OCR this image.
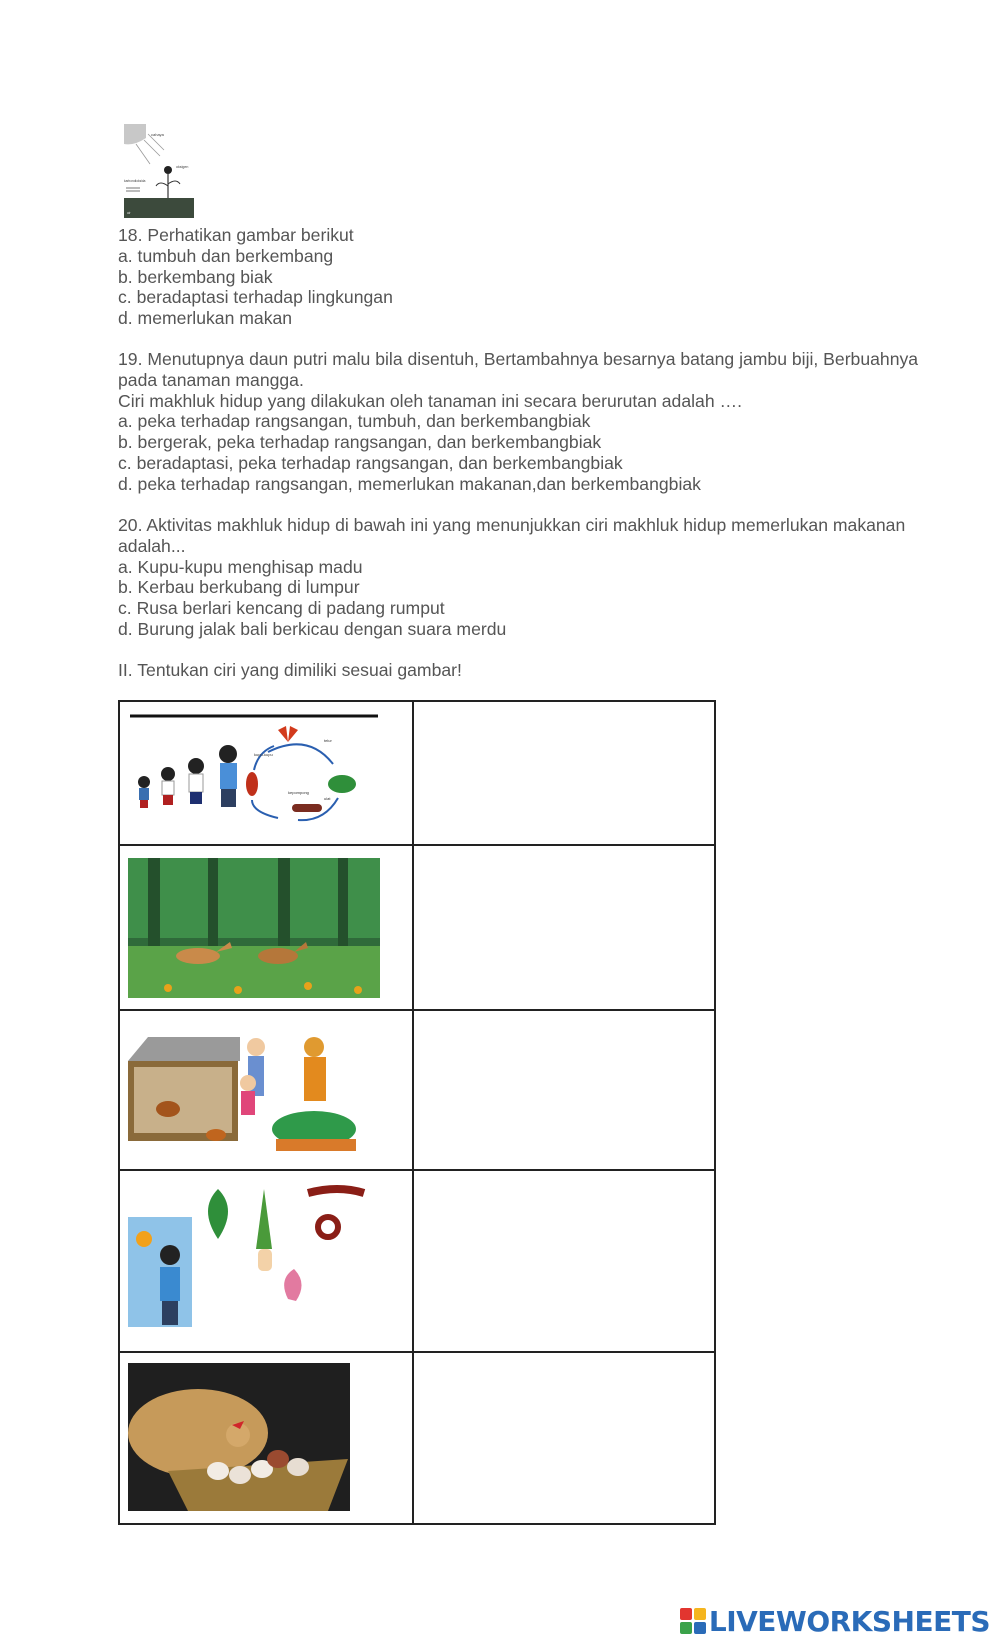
cahaya
oksigen
karbondioksida
air

18. Perhatikan gambar berikut

a. tumbuh dan berkembang

b. berkembang biak

c. beradaptasi terhadap lingkungan

d. memerlukan makan

19. Menutupnya daun putri malu bila disentuh, Bertambahnya besarnya batang jambu biji, Berbuahnya

pada tanaman mangga.

Ciri makhluk hidup yang dilakukan oleh tanaman ini secara berurutan adalah ….

a. peka terhadap rangsangan, tumbuh, dan berkembangbiak

b. bergerak, peka terhadap rangsangan, dan berkembangbiak

c. beradaptasi, peka terhadap rangsangan, dan berkembangbiak

d. peka terhadap rangsangan, memerlukan makanan,dan berkembangbiak

20. Aktivitas makhluk hidup di bawah ini yang menunjukkan ciri makhluk hidup memerlukan makanan

adalah...

a. Kupu-kupu menghisap madu

b. Kerbau berkubang di lumpur

c. Rusa berlari kencang di padang rumput

d. Burung jalak bali berkicau dengan suara merdu

II. Tentukan ciri yang dimiliki sesuai gambar!

telur
ulat
kepompong
kupu-kupu	

LIVEWORKSHEETS
